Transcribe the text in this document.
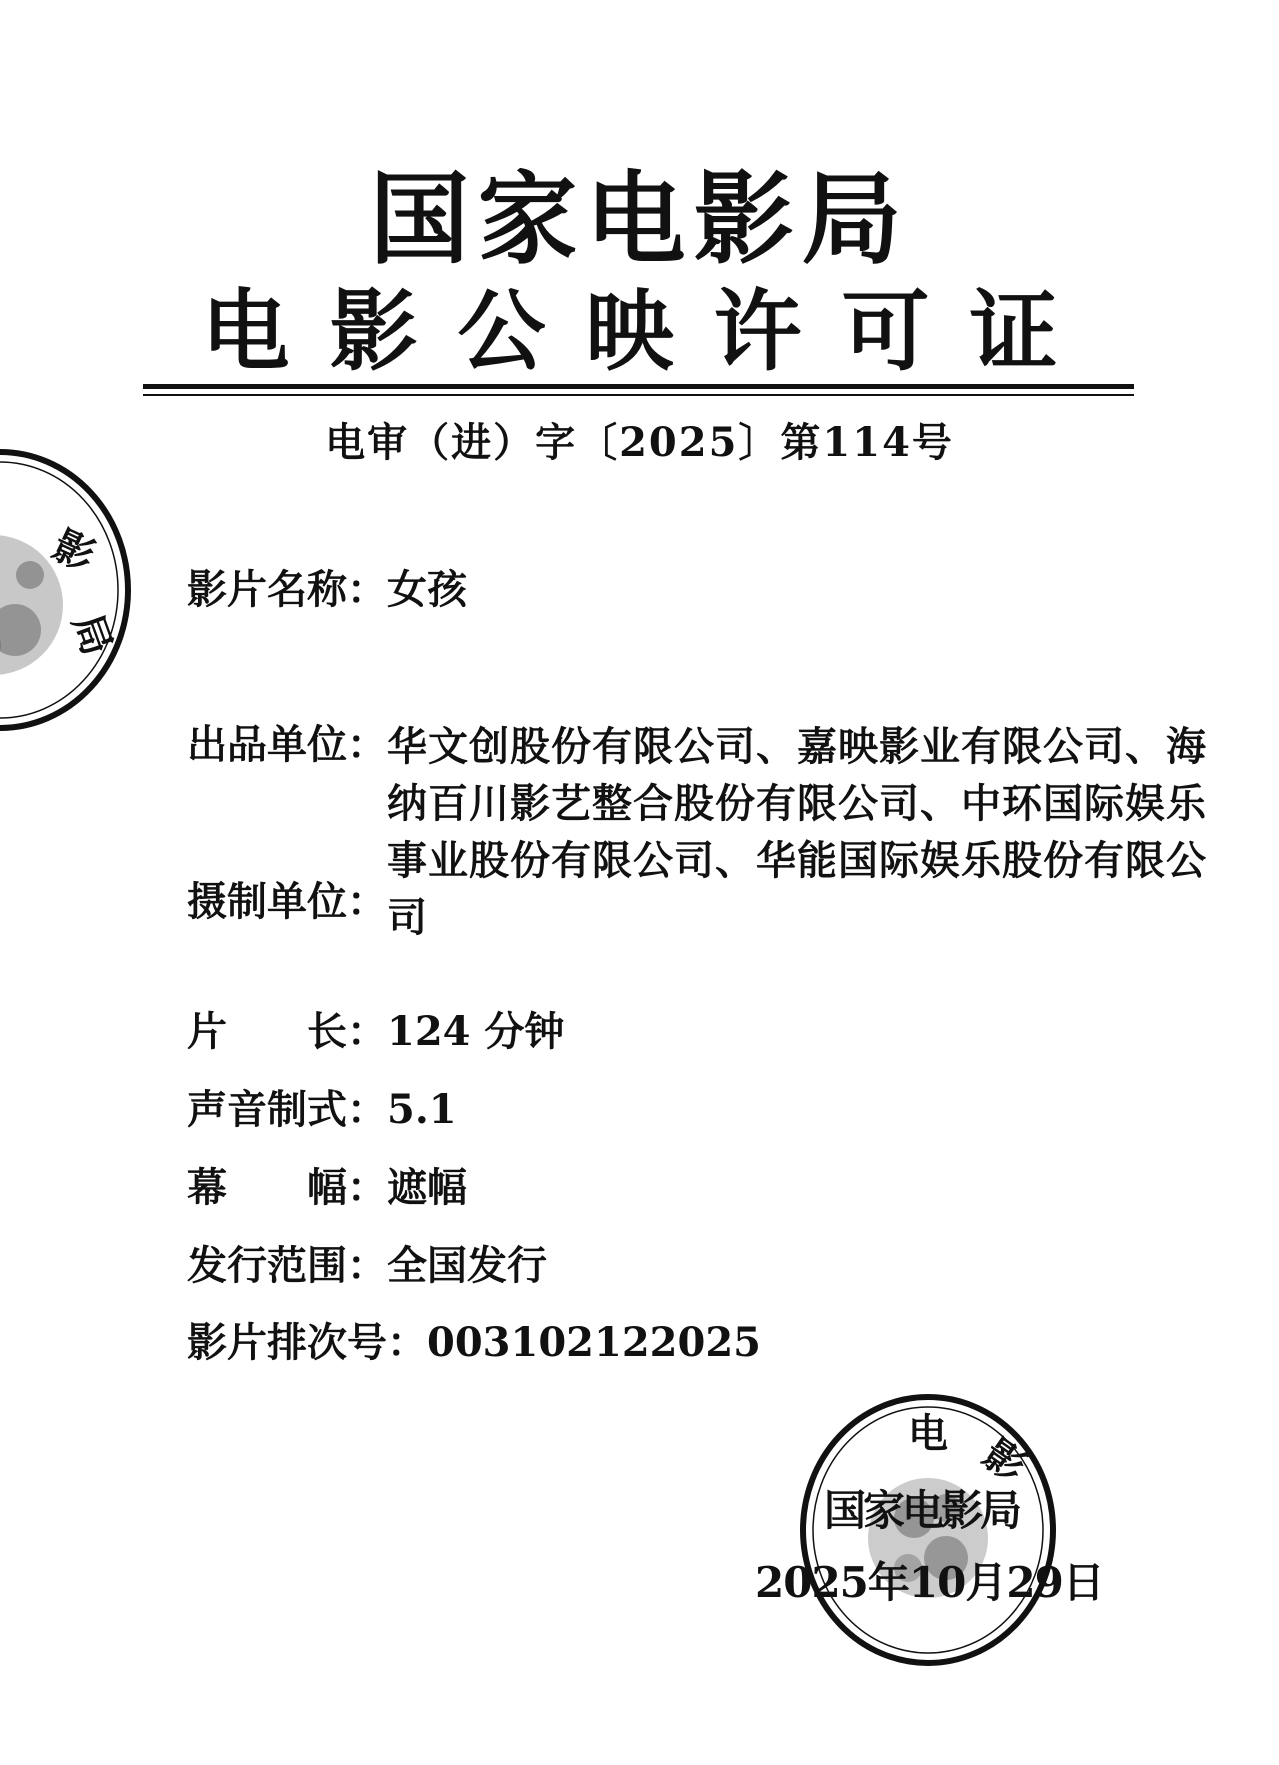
国家电影局
电影公映许可证
电审（进）字〔2025〕第114号
影片名称：女孩
出品单位： 华文创股份有限公司、嘉映影业有限公司、海纳百川影艺整合股份有限公司、中环国际娱乐事业股份有限公司、华能国际娱乐股份有限公司
摄制单位：
片　　长：124 分钟
声音制式：5.1
幕　　幅：遮幅
发行范围：全国发行
影片排次号：003102122025
影
局
电 影
国家电影局
2025年10月29日
